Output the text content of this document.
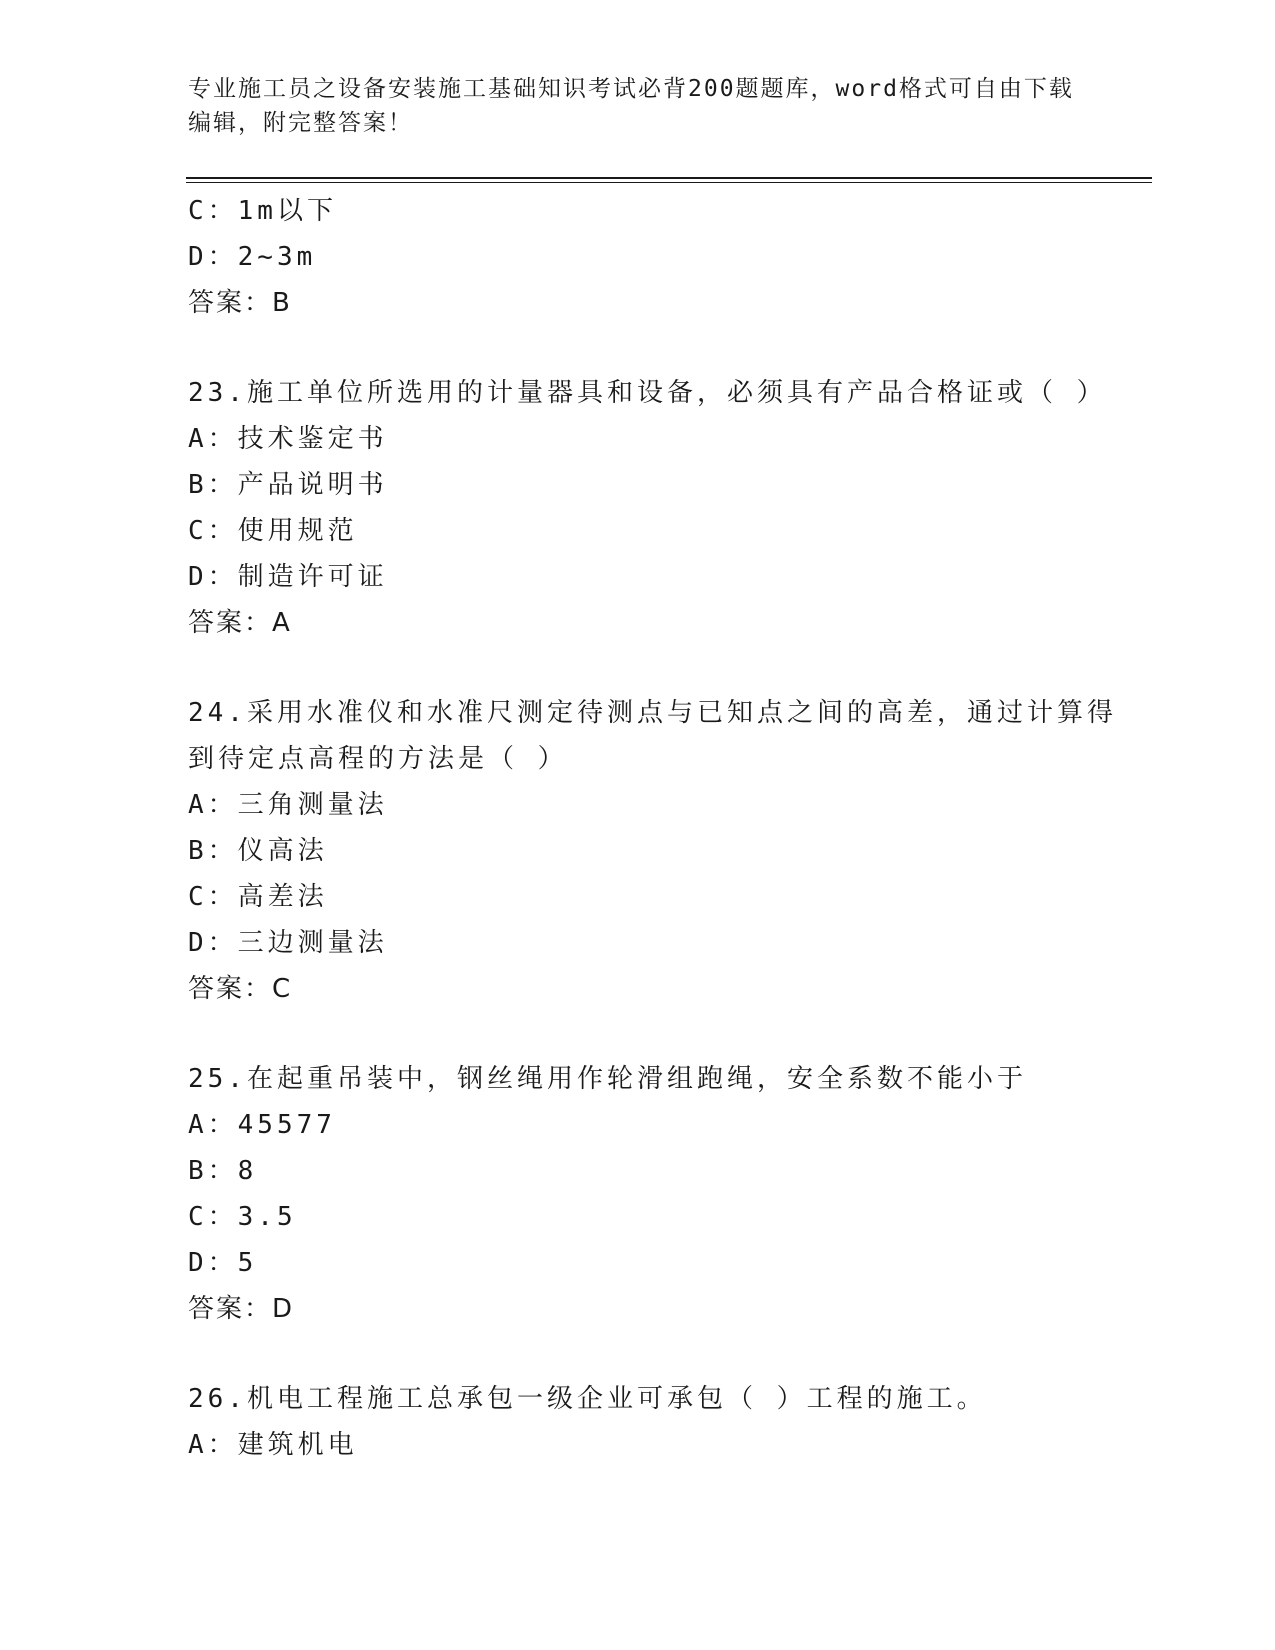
专业施工员之设备安装施工基础知识考试必背200题题库，word格式可自由下载
编辑，附完整答案！
C：1m以下
D：2~3m
答案：B
23.施工单位所选用的计量器具和设备，必须具有产品合格证或（ ）
A：技术鉴定书
B：产品说明书
C：使用规范
D：制造许可证
答案：A
24.采用水准仪和水准尺测定待测点与已知点之间的高差，通过计算得
到待定点高程的方法是（ ）
A：三角测量法
B：仪高法
C：高差法
D：三边测量法
答案：C
25.在起重吊装中，钢丝绳用作轮滑组跑绳，安全系数不能小于
A：45577
B：8
C：3.5
D：5
答案：D
26.机电工程施工总承包一级企业可承包（ ）工程的施工。
A：建筑机电
